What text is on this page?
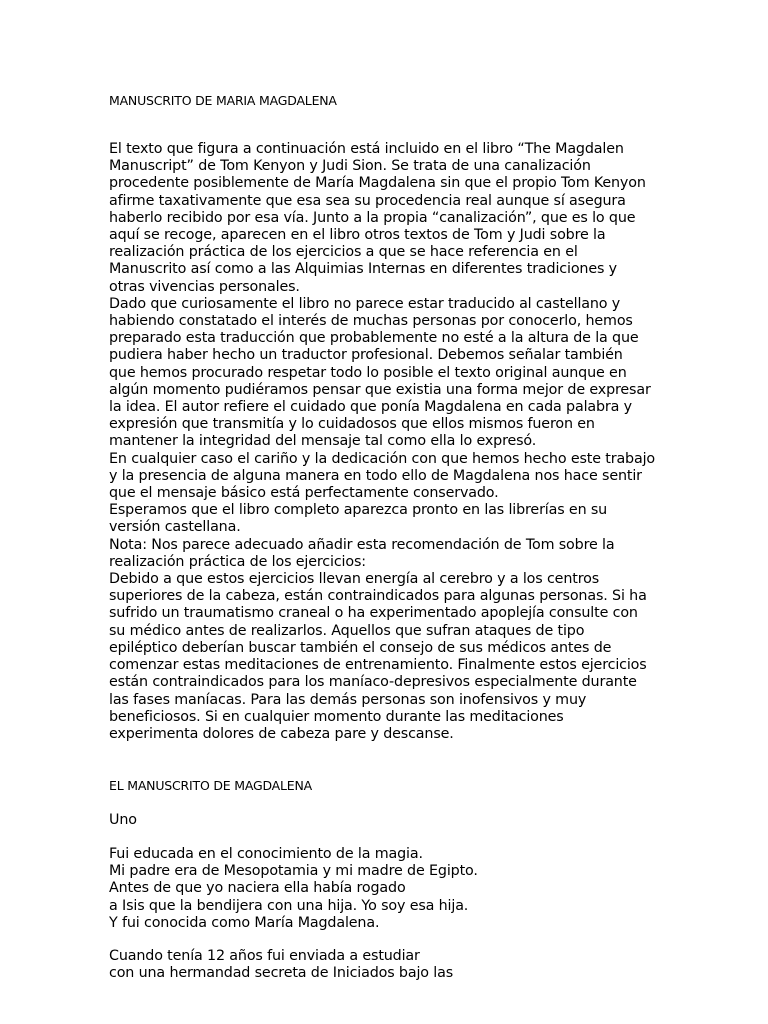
MANUSCRITO DE MARIA MAGDALENA
El texto que figura a continuación está incluido en el libro “The Magdalen
Manuscript” de Tom Kenyon y Judi Sion. Se trata de una canalización
procedente posiblemente de María Magdalena sin que el propio Tom Kenyon
afirme taxativamente que esa sea su procedencia real aunque sí asegura
haberlo recibido por esa vía. Junto a la propia “canalización”, que es lo que
aquí se recoge, aparecen en el libro otros textos de Tom y Judi sobre la
realización práctica de los ejercicios a que se hace referencia en el
Manuscrito así como a las Alquimias Internas en diferentes tradiciones y
otras vivencias personales.
Dado que curiosamente el libro no parece estar traducido al castellano y
habiendo constatado el interés de muchas personas por conocerlo, hemos
preparado esta traducción que probablemente no esté a la altura de la que
pudiera haber hecho un traductor profesional. Debemos señalar también
que hemos procurado respetar todo lo posible el texto original aunque en
algún momento pudiéramos pensar que existia una forma mejor de expresar
la idea. El autor refiere el cuidado que ponía Magdalena en cada palabra y
expresión que transmitía y lo cuidadosos que ellos mismos fueron en
mantener la integridad del mensaje tal como ella lo expresó.
En cualquier caso el cariño y la dedicación con que hemos hecho este trabajo
y la presencia de alguna manera en todo ello de Magdalena nos hace sentir
que el mensaje básico está perfectamente conservado.
Esperamos que el libro completo aparezca pronto en las librerías en su
versión castellana.
Nota: Nos parece adecuado añadir esta recomendación de Tom sobre la
realización práctica de los ejercicios:
Debido a que estos ejercicios llevan energía al cerebro y a los centros
superiores de la cabeza, están contraindicados para algunas personas. Si ha
sufrido un traumatismo craneal o ha experimentado apoplejía consulte con
su médico antes de realizarlos. Aquellos que sufran ataques de tipo
epiléptico deberían buscar también el consejo de sus médicos antes de
comenzar estas meditaciones de entrenamiento. Finalmente estos ejercicios
están contraindicados para los maníaco-depresivos especialmente durante
las fases maníacas. Para las demás personas son inofensivos y muy
beneficiosos. Si en cualquier momento durante las meditaciones
experimenta dolores de cabeza pare y descanse.
EL MANUSCRITO DE MAGDALENA
Uno
Fui educada en el conocimiento de la magia.
Mi padre era de Mesopotamia y mi madre de Egipto.
Antes de que yo naciera ella había rogado
a Isis que la bendijera con una hija. Yo soy esa hija.
Y fui conocida como María Magdalena.
Cuando tenía 12 años fui enviada a estudiar
con una hermandad secreta de Iniciados bajo las
